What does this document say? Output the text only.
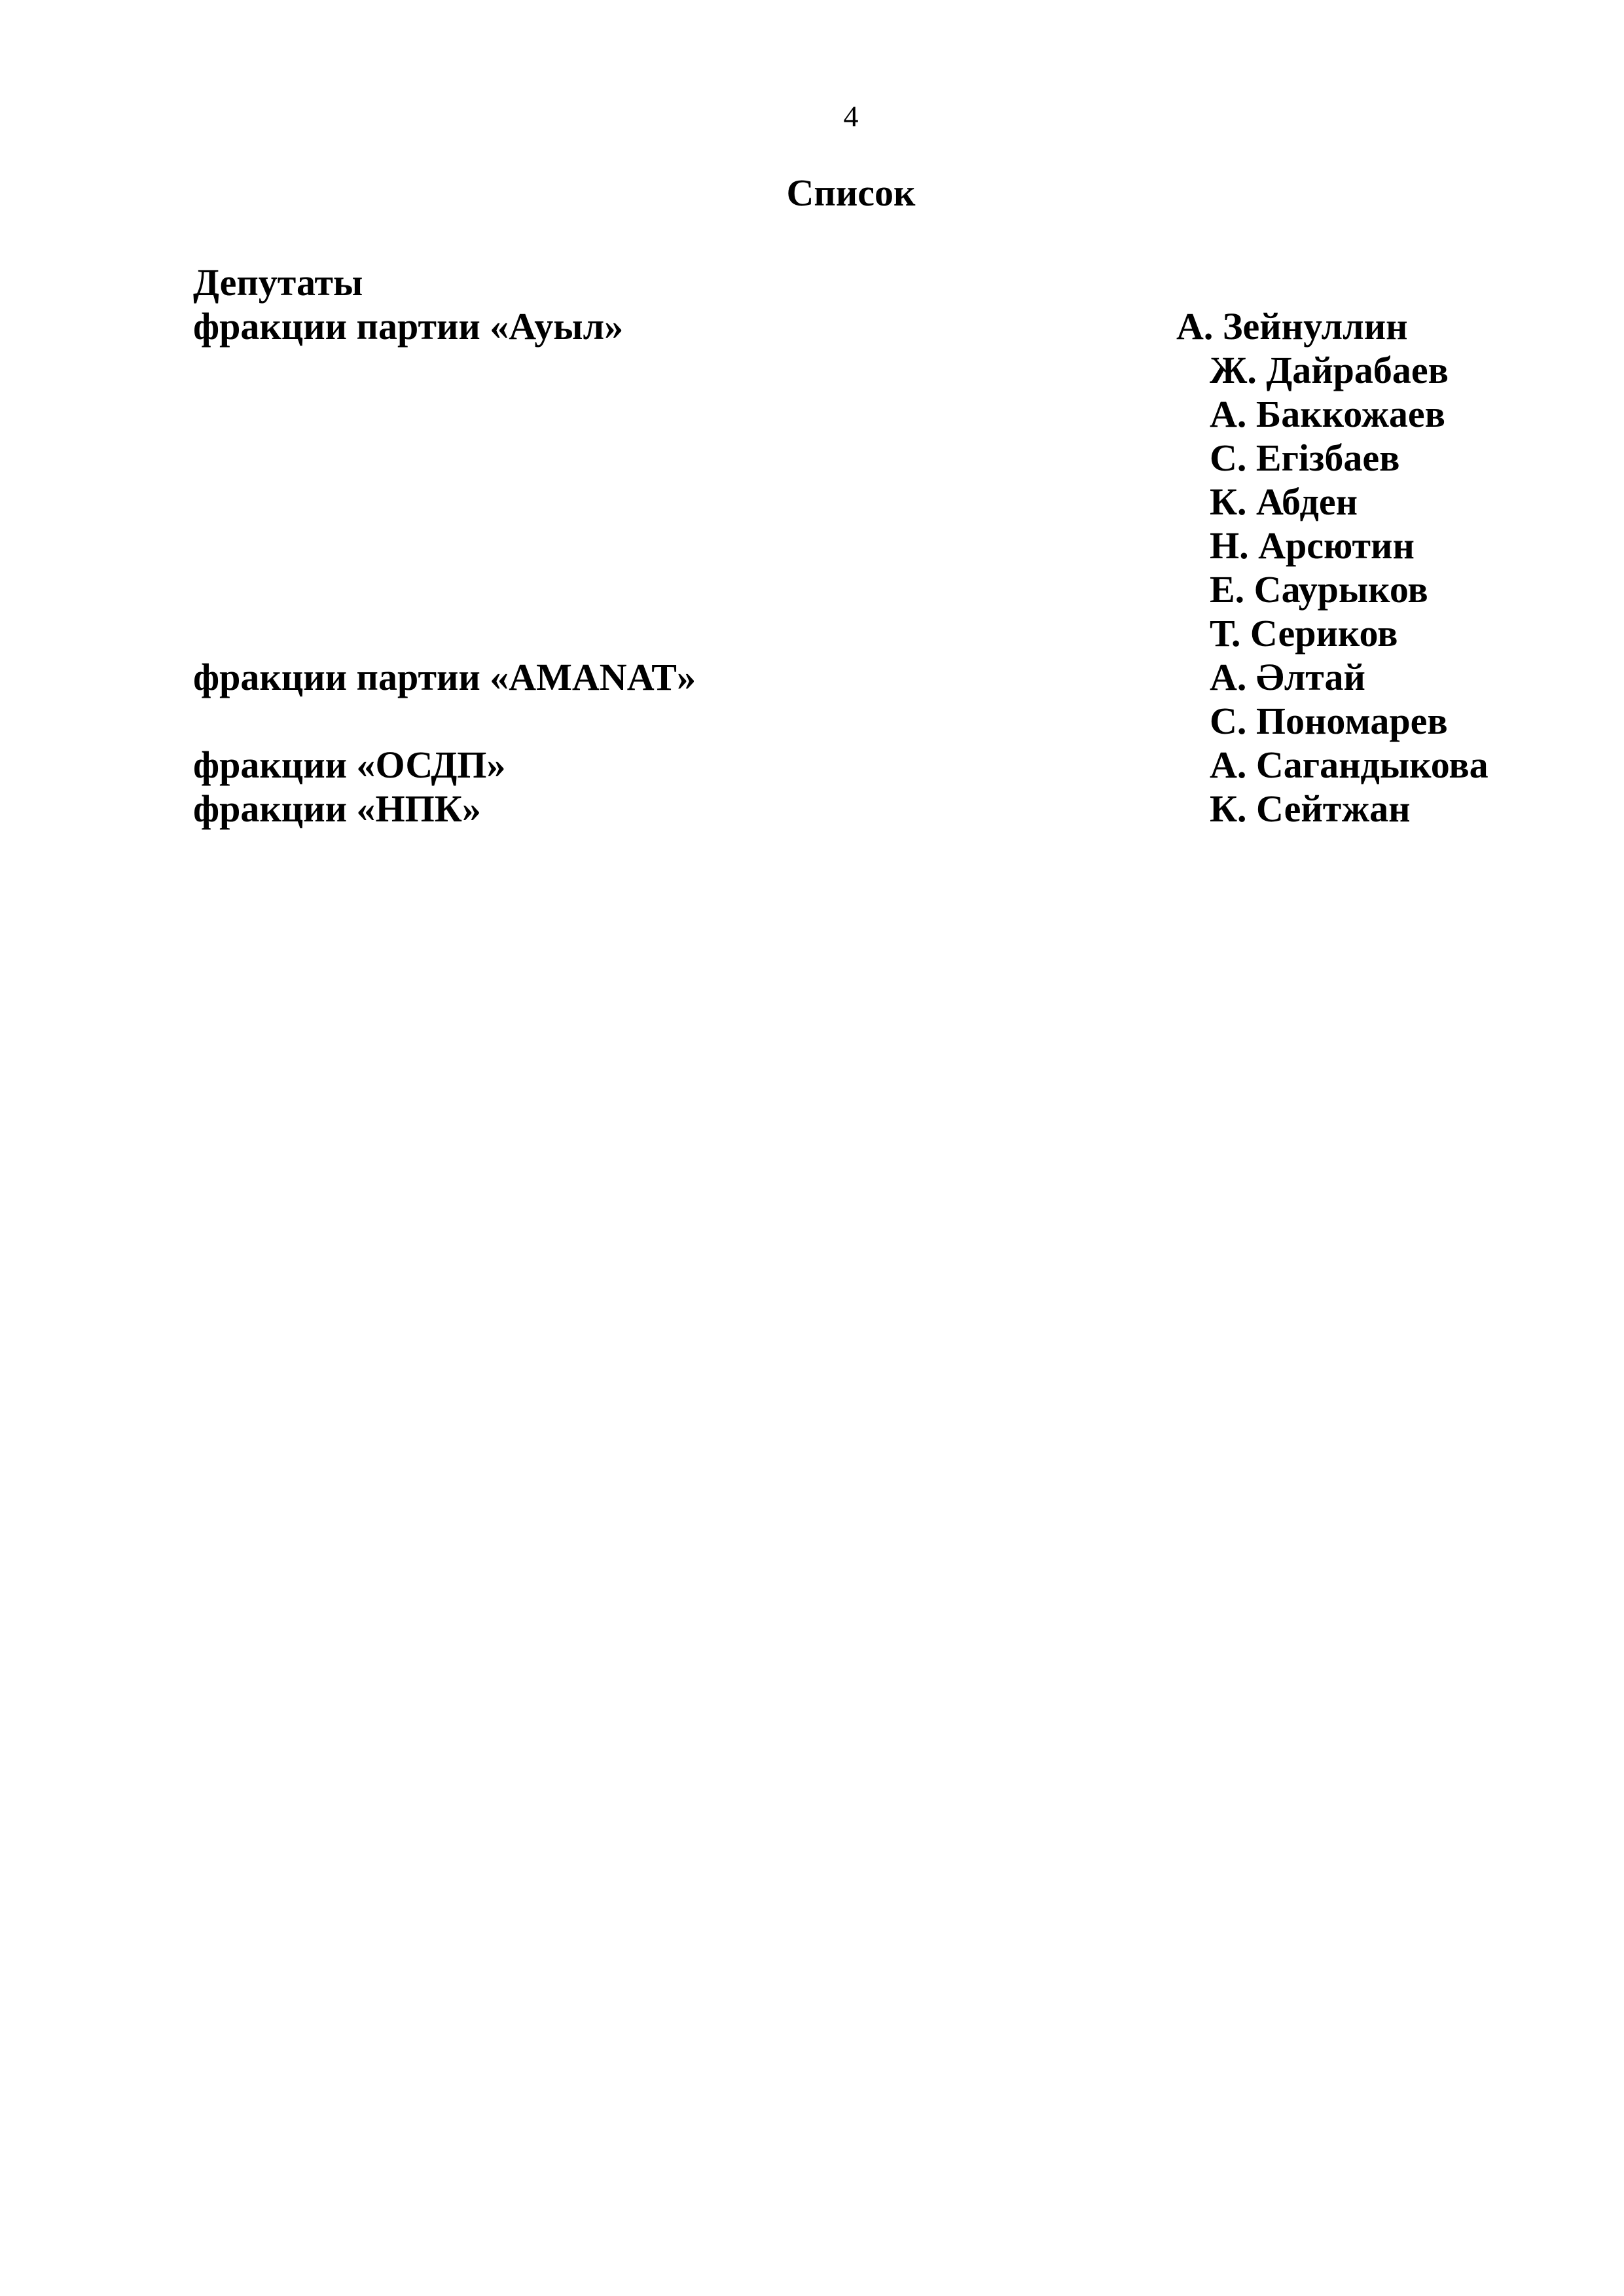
4
Список
Депутаты
фракции партии «Ауыл»	А. Зейнуллин
Ж. Дайрабаев
А. Баккожаев
С. Егізбаев
К. Абден
Н. Арсютин
Е. Саурыков
Т. Сериков
фракции партии «AMANAT»	А. Әлтай
С. Пономарев
фракции «ОСДП»	А. Сагандыкова
фракции «НПК»	К. Сейтжан
